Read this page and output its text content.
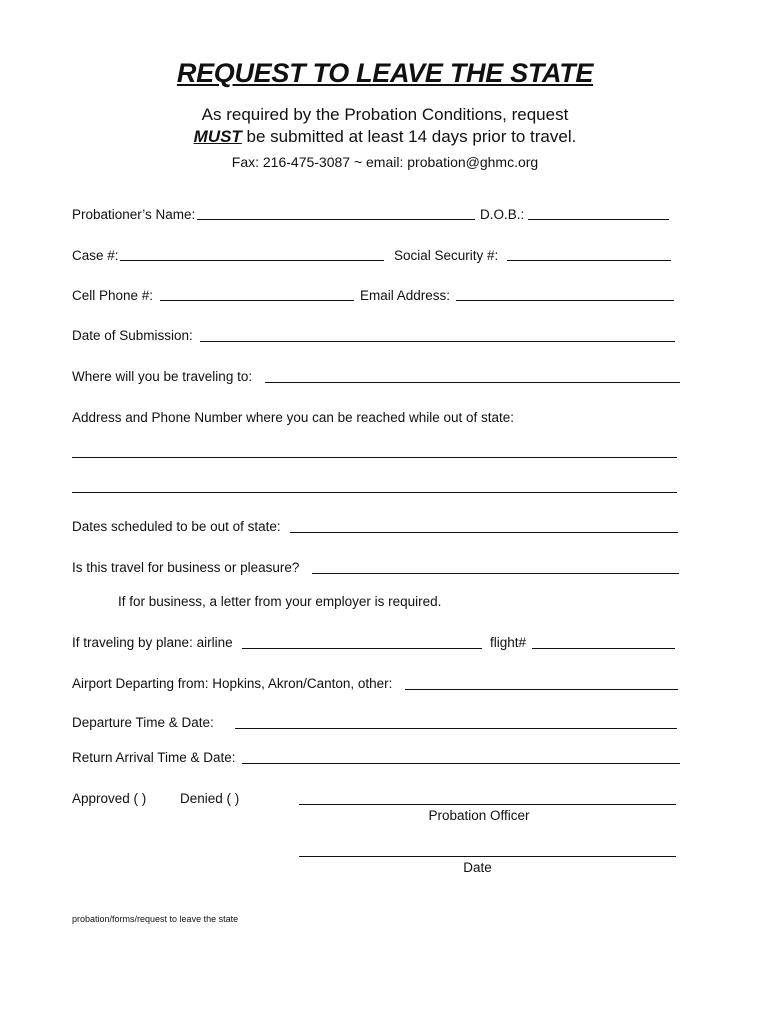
REQUEST TO LEAVE THE STATE
As required by the Probation Conditions, request
MUST be submitted at least 14 days prior to travel.
Fax: 216-475-3087 ~ email: probation@ghmc.org
Probationer’s Name:	D.O.B.:
Case #:	Social Security #:
Cell Phone #:	Email Address:
Date of Submission:
Where will you be traveling to:
Address and Phone Number where you can be reached while out of state:
Dates scheduled to be out of state:
Is this travel for business or pleasure?
If for business, a letter from your employer is required.
If traveling by plane: airline	flight#
Airport Departing from: Hopkins, Akron/Canton, other:
Departure Time & Date:
Return Arrival Time & Date:
Approved ( ) Denied ( )
Probation Officer
Date
probation/forms/request to leave the state
